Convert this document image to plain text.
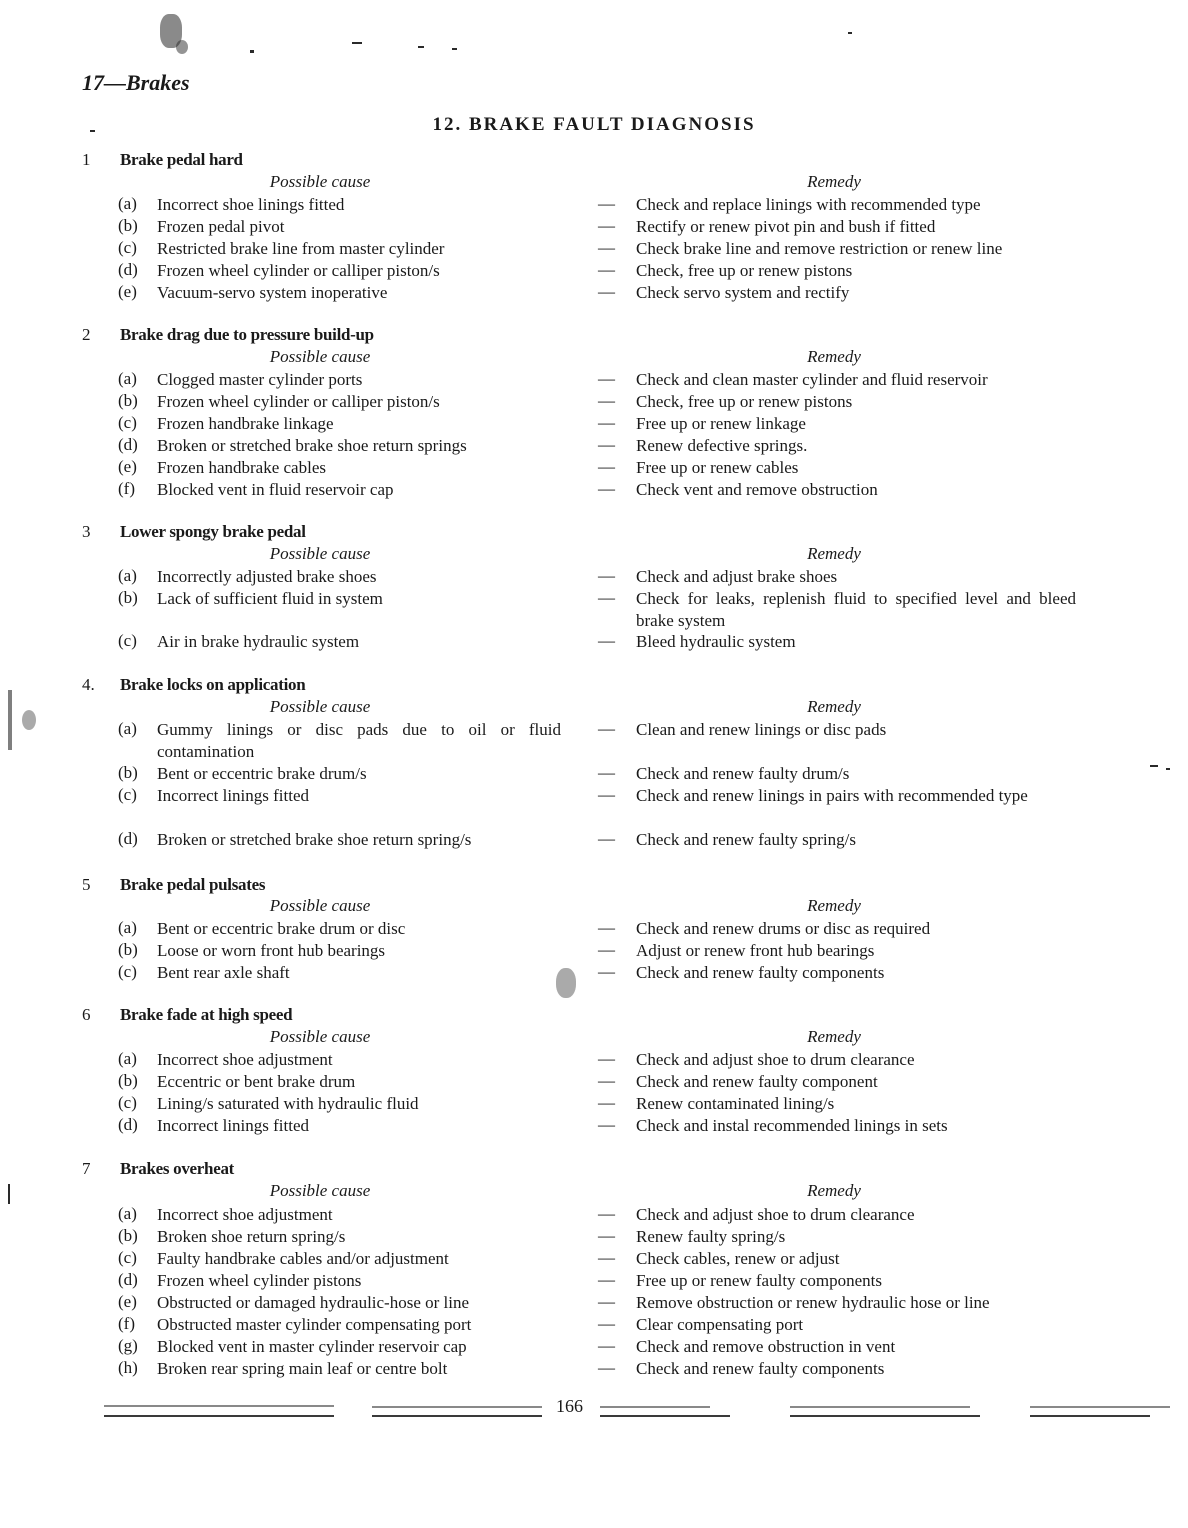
17—Brakes
12. BRAKE FAULT DIAGNOSIS
1 Brake pedal hard
Possible cause	Remedy
(a) Incorrect shoe linings fitted	— Check and replace linings with recommended type
(b) Frozen pedal pivot	— Rectify or renew pivot pin and bush if fitted
(c) Restricted brake line from master cylinder	— Check brake line and remove restriction or renew line
(d) Frozen wheel cylinder or calliper piston/s	— Check, free up or renew pistons
(e) Vacuum-servo system inoperative	— Check servo system and rectify
2 Brake drag due to pressure build-up
Possible cause	Remedy
(a) Clogged master cylinder ports	— Check and clean master cylinder and fluid reservoir
(b) Frozen wheel cylinder or calliper piston/s	— Check, free up or renew pistons
(c) Frozen handbrake linkage	— Free up or renew linkage
(d) Broken or stretched brake shoe return springs	— Renew defective springs.
(e) Frozen handbrake cables	— Free up or renew cables
(f) Blocked vent in fluid reservoir cap	— Check vent and remove obstruction
3 Lower spongy brake pedal
Possible cause	Remedy
(a) Incorrectly adjusted brake shoes	— Check and adjust brake shoes
(b) Lack of sufficient fluid in system	— Check for leaks, replenish fluid to specified level and bleed brake system
(c) Air in brake hydraulic system	— Bleed hydraulic system
4. Brake locks on application
Possible cause	Remedy
(a) Gummy linings or disc pads due to oil or fluid contamination
— Clean and renew linings or disc pads
(b) Bent or eccentric brake drum/s	— Check and renew faulty drum/s
(c) Incorrect linings fitted	— Check and renew linings in pairs with recommended type
(d) Broken or stretched brake shoe return spring/s	— Check and renew faulty spring/s
5 Brake pedal pulsates
Possible cause	Remedy
(a) Bent or eccentric brake drum or disc	— Check and renew drums or disc as required
(b) Loose or worn front hub bearings	— Adjust or renew front hub bearings
(c) Bent rear axle shaft	— Check and renew faulty components
6 Brake fade at high speed
Possible cause	Remedy
(a) Incorrect shoe adjustment	— Check and adjust shoe to drum clearance
(b) Eccentric or bent brake drum	— Check and renew faulty component
(c) Lining/s saturated with hydraulic fluid	— Renew contaminated lining/s
(d) Incorrect linings fitted	— Check and instal recommended linings in sets
7 Brakes overheat
Possible cause	Remedy
(a) Incorrect shoe adjustment	— Check and adjust shoe to drum clearance
(b) Broken shoe return spring/s	— Renew faulty spring/s
(c) Faulty handbrake cables and/or adjustment	— Check cables, renew or adjust
(d) Frozen wheel cylinder pistons	— Free up or renew faulty components
(e) Obstructed or damaged hydraulic-hose or line	— Remove obstruction or renew hydraulic hose or line
(f) Obstructed master cylinder compensating port	— Clear compensating port
(g) Blocked vent in master cylinder reservoir cap	— Check and remove obstruction in vent
(h) Broken rear spring main leaf or centre bolt	— Check and renew faulty components
166
